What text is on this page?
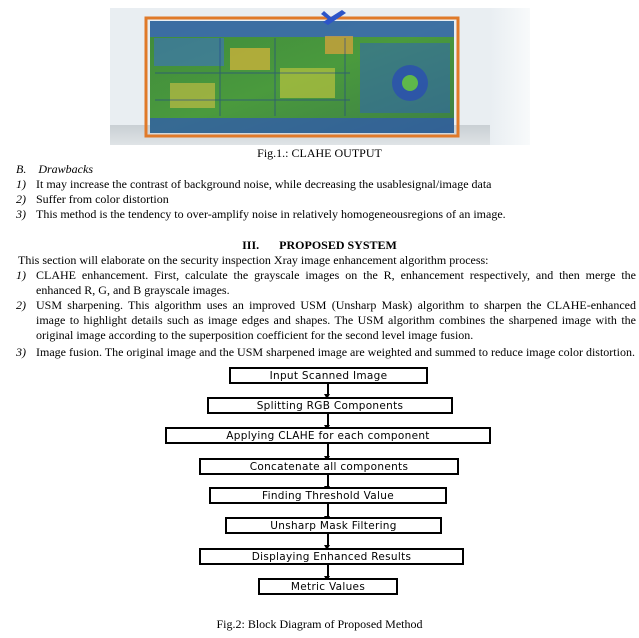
Fig.1.: CLAHE OUTPUT
B. Drawbacks
1) It may increase the contrast of background noise, while decreasing the usablesignal/image data
2) Suffer from color distortion
3) This method is the tendency to over-amplify noise in relatively homogeneousregions of an image.
III. PROPOSED SYSTEM
This section will elaborate on the security inspection Xray image enhancement algorithm process:
1) CLAHE enhancement. First, calculate the grayscale images on the R, enhancement respectively, and then merge the enhanced R, G, and B grayscale images.
2) USM sharpening. This algorithm uses an improved USM (Unsharp Mask) algorithm to sharpen the CLAHE-enhanced image to highlight details such as image edges and shapes. The USM algorithm combines the sharpened image with the original image according to the superposition coefficient for the second level image fusion.
3) Image fusion. The original image and the USM sharpened image are weighted and summed to reduce image color distortion.
Input Scanned Image
Splitting RGB Components
Applying CLAHE for each component
Concatenate all components
Finding Threshold Value
Unsharp Mask Filtering
Displaying Enhanced Results
Metric Values
Fig.2: Block Diagram of Proposed Method
